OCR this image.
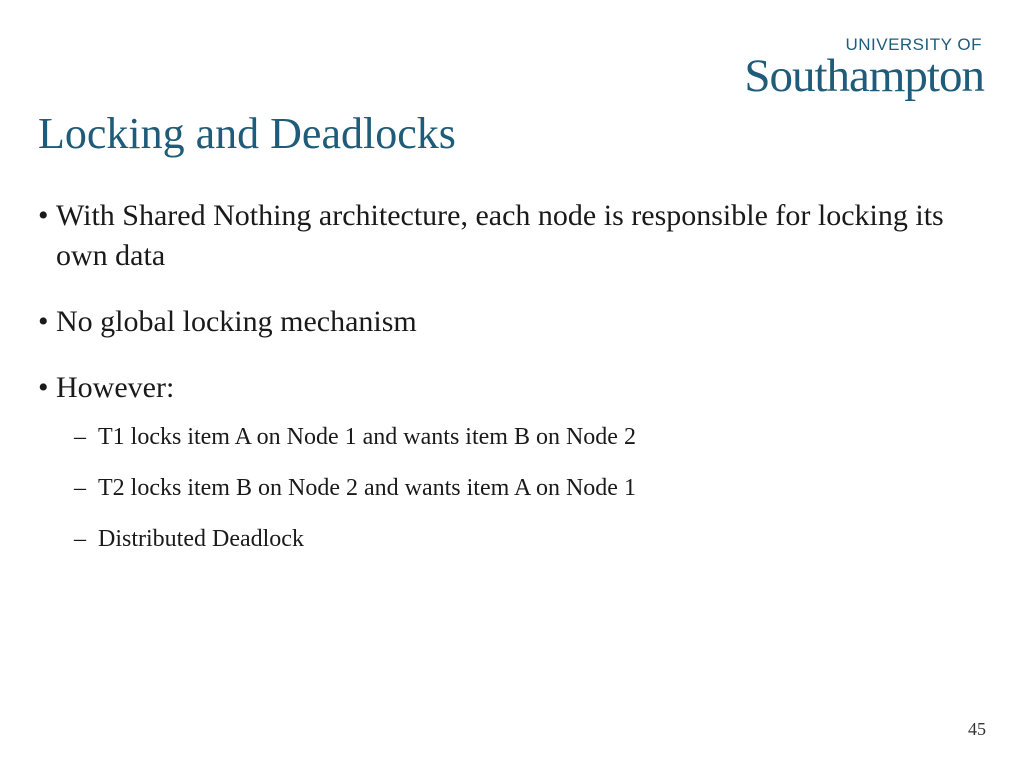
UNIVERSITY OF
Southampton
Locking and Deadlocks
• With Shared Nothing architecture, each node is responsible for locking its own data
• No global locking mechanism
• However:
– T1 locks item A on Node 1 and wants item B on Node 2
– T2 locks item B on Node 2 and wants item A on Node 1
– Distributed Deadlock
45
